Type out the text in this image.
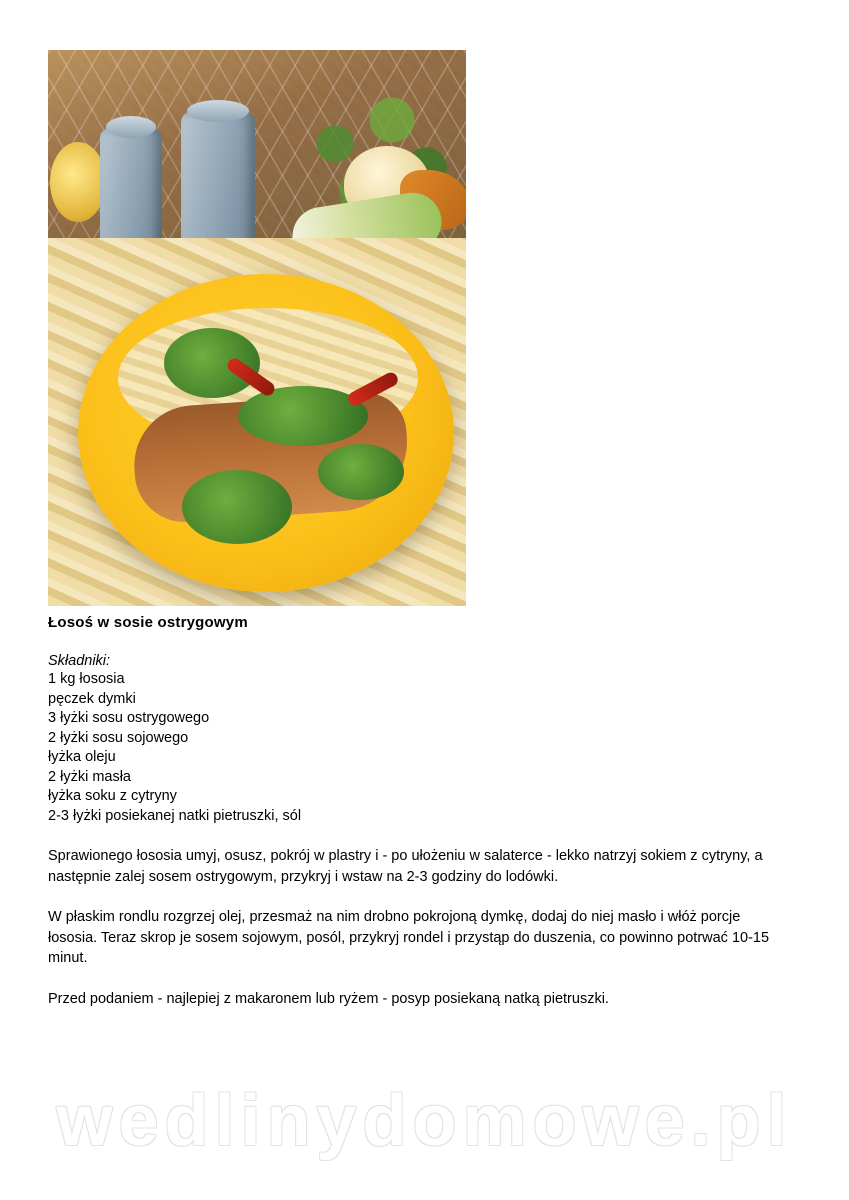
Łosoś w sosie ostrygowym
Składniki:
1 kg łososia
pęczek dymki
3 łyżki sosu ostrygowego
2 łyżki sosu sojowego
łyżka oleju
2 łyżki masła
łyżka soku z cytryny
2-3 łyżki posiekanej natki pietruszki, sól

Sprawionego łososia umyj, osusz, pokrój w plastry i - po ułożeniu w salaterce - lekko natrzyj sokiem z cytryny, a następnie zalej sosem ostrygowym, przykryj i wstaw na 2-3 godziny do lodówki.

W płaskim rondlu rozgrzej olej, przesmaż na nim drobno pokrojoną dymkę, dodaj do niej masło i włóż porcje łososia. Teraz skrop je sosem sojowym, posól, przykryj rondel i przystąp do duszenia, co powinno potrwać 10-15 minut.

Przed podaniem - najlepiej z makaronem lub ryżem - posyp posiekaną natką pietruszki.

wedlinydomowe.pl
